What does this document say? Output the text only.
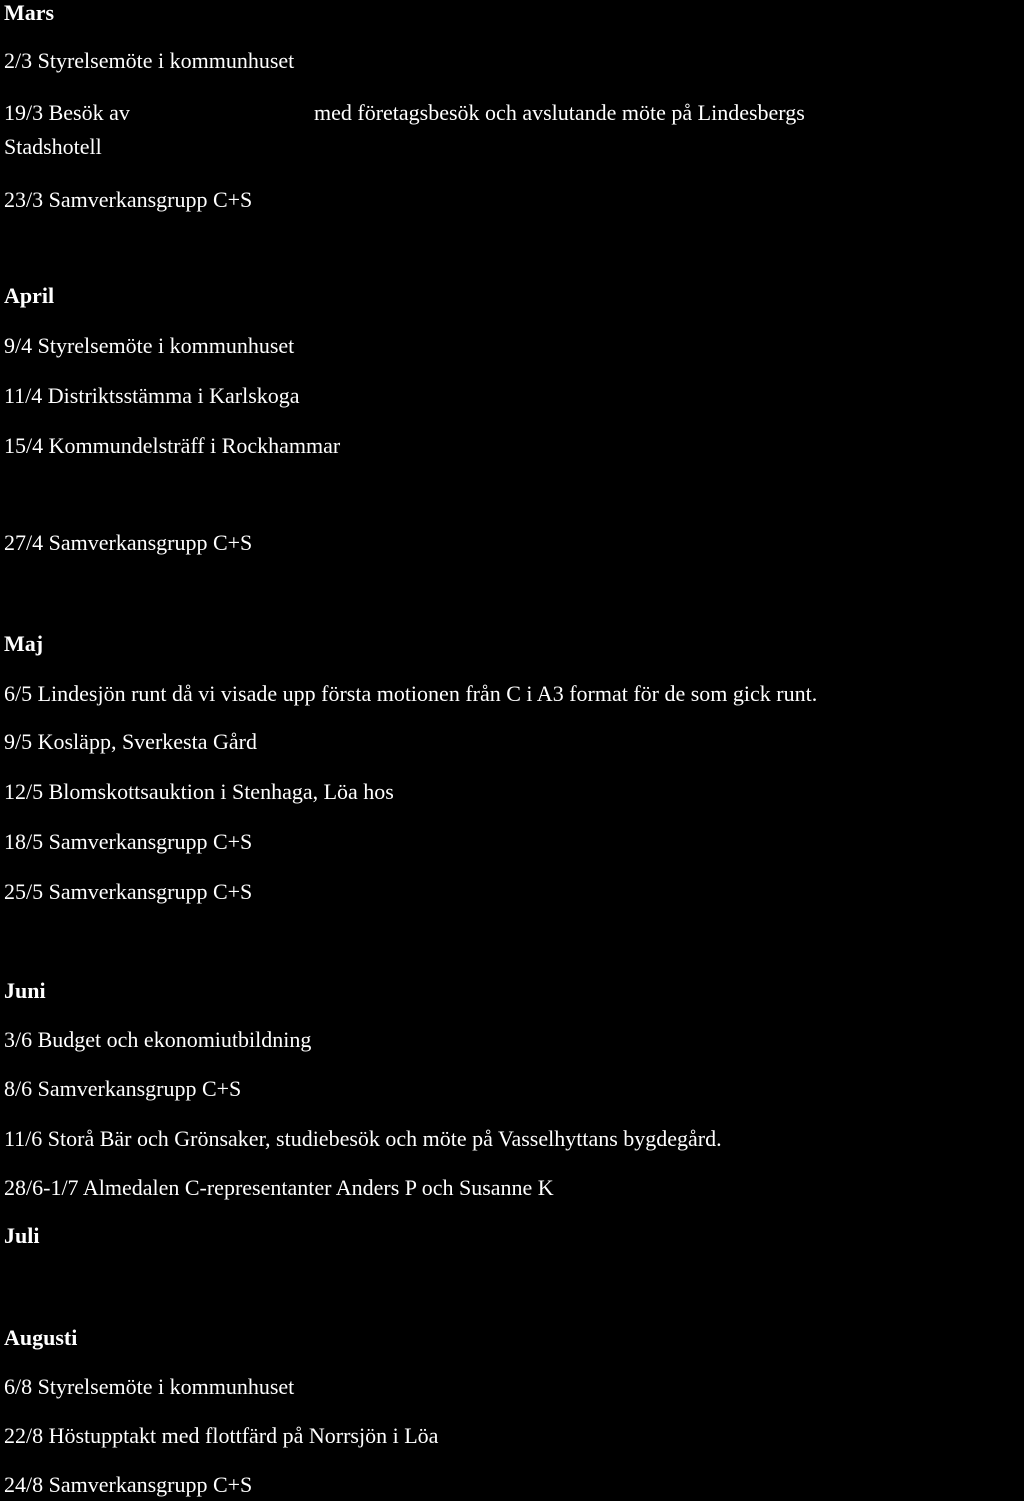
Mars
2/3 Styrelsemöte i kommunhuset
19/3 Besök av	med företagsbesök och avslutande möte på Lindesbergs
Stadshotell
23/3 Samverkansgrupp C+S
April
9/4 Styrelsemöte i kommunhuset
11/4 Distriktsstämma i Karlskoga
15/4 Kommundelsträff i Rockhammar
27/4 Samverkansgrupp C+S
Maj
6/5 Lindesjön runt då vi visade upp första motionen från C i A3 format för de som gick runt.
9/5 Kosläpp, Sverkesta Gård
12/5 Blomskottsauktion i Stenhaga, Löa hos
18/5 Samverkansgrupp C+S
25/5 Samverkansgrupp C+S
Juni
3/6 Budget och ekonomiutbildning
8/6 Samverkansgrupp C+S
11/6 Storå Bär och Grönsaker, studiebesök och möte på Vasselhyttans bygdegård.
28/6-1/7 Almedalen C-representanter Anders P och Susanne K
Juli
Augusti
6/8 Styrelsemöte i kommunhuset
22/8 Höstupptakt med flottfärd på Norrsjön i Löa
24/8 Samverkansgrupp C+S
